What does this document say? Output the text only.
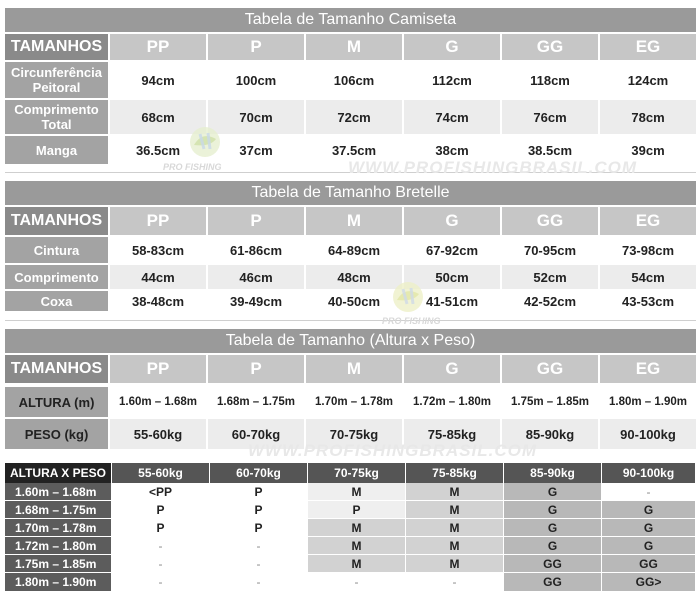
Tabela de Tamanho Camiseta
TAMANHOS	PP	P	M	G	GG	EG
Circunferência Peitoral	94cm	100cm	106cm	112cm	118cm	124cm
Comprimento Total	68cm	70cm	72cm	74cm	76cm	78cm
Manga	36.5cm	37cm	37.5cm	38cm	38.5cm	39cm
Tabela de Tamanho Bretelle
TAMANHOS	PP	P	M	G	GG	EG
Cintura	58-83cm	61-86cm	64-89cm	67-92cm	70-95cm	73-98cm
Comprimento	44cm	46cm	48cm	50cm	52cm	54cm
Coxa	38-48cm	39-49cm	40-50cm	41-51cm	42-52cm	43-53cm
Tabela de Tamanho (Altura x Peso)
TAMANHOS	PP	P	M	G	GG	EG
ALTURA (m)	1.60m – 1.68m	1.68m – 1.75m	1.70m – 1.78m	1.72m – 1.80m	1.75m – 1.85m	1.80m – 1.90m
PESO (kg)	55-60kg	60-70kg	70-75kg	75-85kg	85-90kg	90-100kg
ALTURA X PESO	55-60kg	60-70kg	70-75kg	75-85kg	85-90kg	90-100kg
1.60m – 1.68m	<PP	P	M	M	G	-
1.68m – 1.75m	P	P	P	M	G	G
1.70m – 1.78m	P	P	M	M	G	G
1.72m – 1.80m	-	-	M	M	G	G
1.75m – 1.85m	-	-	M	M	GG	GG
1.80m – 1.90m	-	-	-	-	GG	GG>
WWW.PROFISHINGBRASIL.COM
WWW.PROFISHINGBRASIL.COM
PRO FISHING
PRO FISHING
